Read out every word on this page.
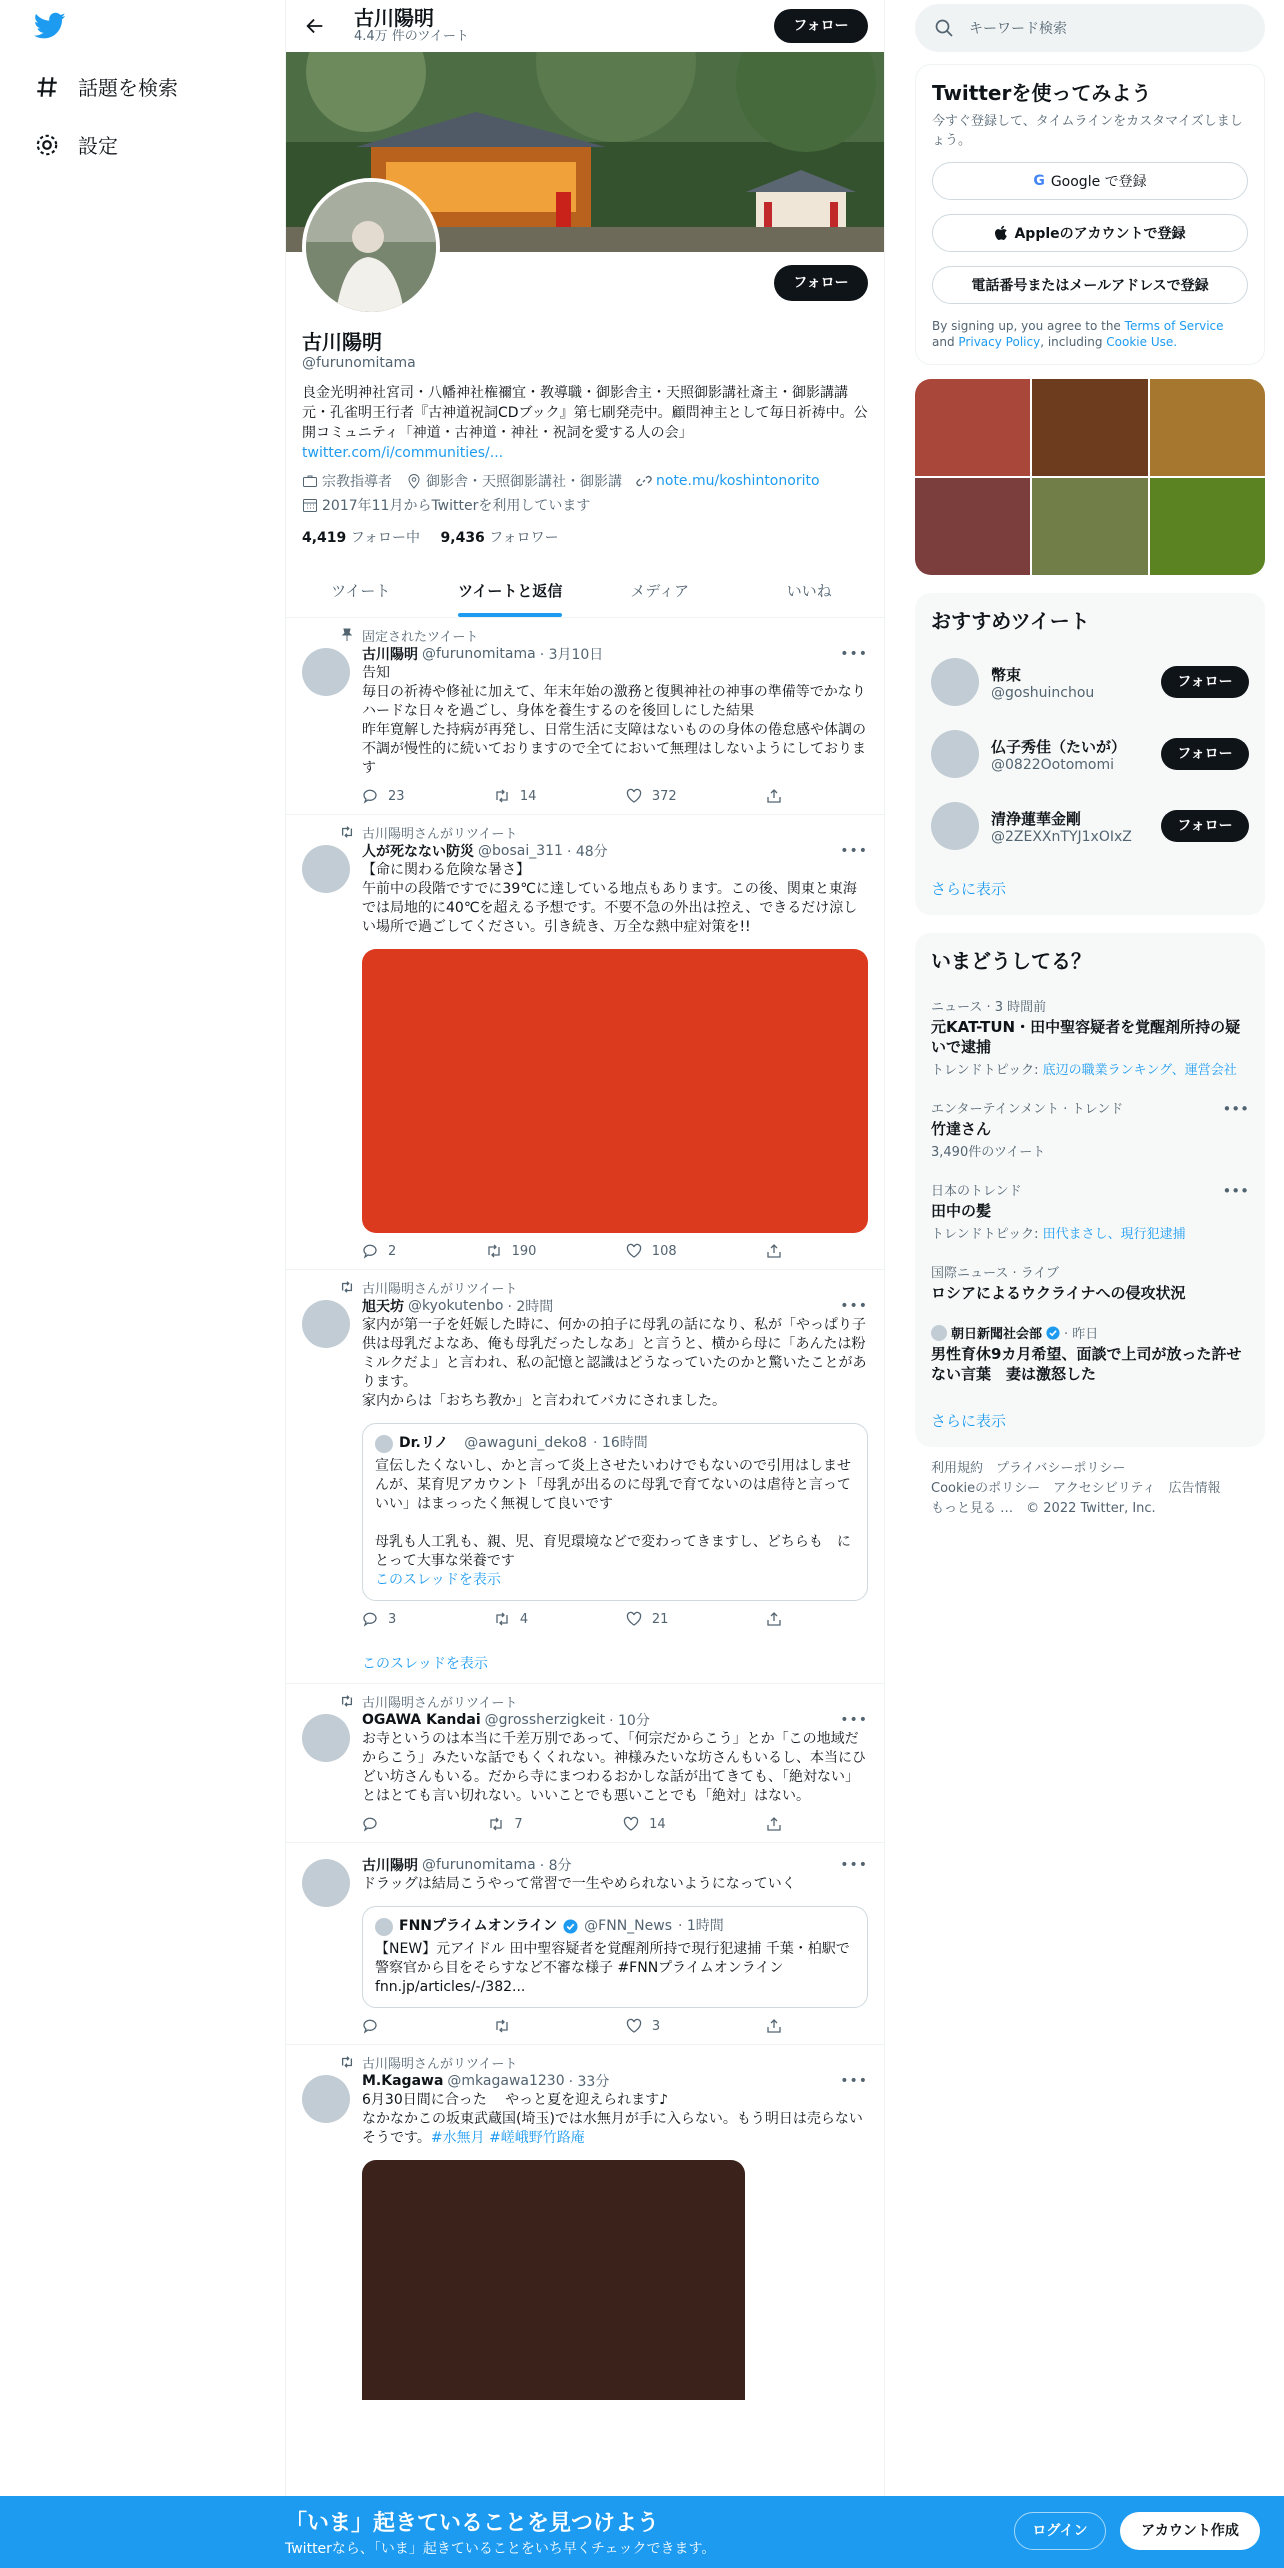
話題を検索
設定
古川陽明
4.4万 件のツイート
フォロー
フォロー
古川陽明
@furunomitama
良金光明神社宮司・八幡神社権禰宜・教導職・御影舎主・天照御影講社斎主・御影講講元・孔雀明王行者『古神道祝詞CDブック』第七刷発売中。顧問神主として毎日祈祷中。公開コミュニティ「神道・古神道・神社・祝詞を愛する人の会」twitter.com/i/communities/...
宗教指導者 御影舎・天照御影講社・御影講 note.mu/koshintonorito
2017年11月からTwitterを利用しています
4,419 フォロー中 9,436 フォロワー
ツイート	ツイートと返信	メディア	いいね
固定されたツイート
古川陽明 @furunomitama · 3月10日	•••
告知
毎日の祈祷や修祉に加えて、年末年始の激務と復興神社の神事の準備等でかなりハードな日々を過ごし、身体を養生するのを後回しにした結果
昨年寛解した持病が再発し、日常生活に支障はないものの身体の倦怠感や体調の不調が慢性的に続いておりますので全てにおいて無理はしないようにしております
23	14	372
古川陽明さんがリツイート
人が死なない防災 @bosai_311 · 48分	•••
【命に関わる危険な暑さ】
午前中の段階ですでに39℃に達している地点もあります。この後、関東と東海では局地的に40℃を超える予想です。不要不急の外出は控え、できるだけ涼しい場所で過ごしてください。引き続き、万全な熱中症対策を!!
2	190	108
古川陽明さんがリツイート
旭天坊 @kyokutenbo · 2時間	•••
家内が第一子を妊娠した時に、何かの拍子に母乳の話になり、私が「やっぱり子供は母乳だよなあ、俺も母乳だったしなあ」と言うと、横から母に「あんたは粉ミルクだよ」と言われ、私の記憶と認識はどうなっていたのかと驚いたことがあります。
家内からは「おちち教か」と言われてバカにされました。
Dr.リノ @awaguni_deko8 · 16時間
宣伝したくないし、かと言って炎上させたいわけでもないので引用はしませんが、某育児アカウント「母乳が出るのに母乳で育てないのは虐待と言っていい」はまっったく無視して良いです

母乳も人工乳も、親、児、育児環境などで変わってきますし、どちらも　にとって大事な栄養です
このスレッドを表示
3	4	21
このスレッドを表示
古川陽明さんがリツイート
OGAWA Kandai @grossherzigkeit · 10分	•••
お寺というのは本当に千差万別であって、「何宗だからこう」とか「この地域だからこう」みたいな話でもくくれない。神様みたいな坊さんもいるし、本当にひどい坊さんもいる。だから寺にまつわるおかしな話が出てきても、「絶対ない」とはとても言い切れない。いいことでも悪いことでも「絶対」はない。
7	14
古川陽明 @furunomitama · 8分	•••
ドラッグは結局こうやって常習で一生やめられないようになっていく
FNNプライムオンライン @FNN_News · 1時間
【NEW】元アイドル 田中聖容疑者を覚醒剤所持で現行犯逮捕 千葉・柏駅で警察官から目をそらすなど不審な様子 #FNNプライムオンライン
fnn.jp/articles/-/382...
3
古川陽明さんがリツイート
M.Kagawa @mkagawa1230 · 33分	•••
6月30日間に合った　 やっと夏を迎えられます♪
なかなかこの坂東武蔵国(埼玉)では水無月が手に入らない。もう明日は売らないそうです。#水無月 #嵯峨野竹路庵
キーワード検索
Twitterを使ってみよう
今すぐ登録して、タイムラインをカスタマイズしましょう。
G Google で登録
Appleのアカウントで登録
電話番号またはメールアドレスで登録
By signing up, you agree to the Terms of Service and Privacy Policy, including Cookie Use.
おすすめツイート
幣束
@goshuinchou
フォロー
仏子秀佳（たいが）
@0822Ootomomi
フォロー
清浄蓮華金剛
@2ZEXXnTYJ1xOIxZ
フォロー
さらに表示
いまどうしてる？
ニュース · 3 時間前
元KAT-TUN・田中聖容疑者を覚醒剤所持の疑いで逮捕
トレンドトピック: 底辺の職業ランキング、運営会社
•••
エンターテインメント · トレンド
竹達さん
3,490件のツイート
•••
日本のトレンド
田中の髪
トレンドトピック: 田代まさし、現行犯逮捕
国際ニュース · ライブ
ロシアによるウクライナへの侵攻状況
朝日新聞社会部 · 昨日
男性育休9カ月希望、面談で上司が放った許せない言葉　妻は激怒した
さらに表示
利用規約　 プライバシーポリシー
Cookieのポリシー　 アクセシビリティ　 広告情報
もっと見る …　 © 2022 Twitter, Inc.
「いま」起きていることを見つけよう
Twitterなら、「いま」起きていることをいち早くチェックできます。
ログイン	アカウント作成
